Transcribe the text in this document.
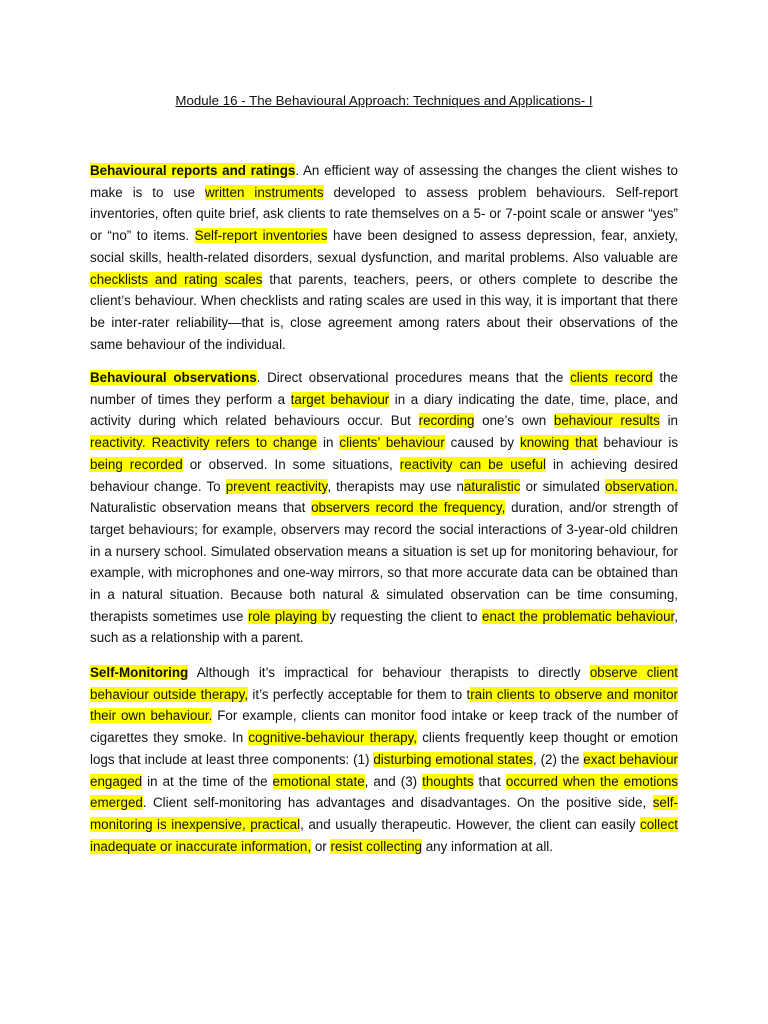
Module 16 - The Behavioural Approach: Techniques and Applications- I
Behavioural reports and ratings. An efficient way of assessing the changes the client wishes to make is to use written instruments developed to assess problem behaviours. Self-report inventories, often quite brief, ask clients to rate themselves on a 5- or 7-point scale or answer “yes” or “no” to items. Self-report inventories have been designed to assess depression, fear, anxiety, social skills, health-related disorders, sexual dysfunction, and marital problems. Also valuable are checklists and rating scales that parents, teachers, peers, or others complete to describe the client’s behaviour. When checklists and rating scales are used in this way, it is important that there be inter-rater reliability—that is, close agreement among raters about their observations of the same behaviour of the individual.
Behavioural observations. Direct observational procedures means that the clients record the number of times they perform a target behaviour in a diary indicating the date, time, place, and activity during which related behaviours occur. But recording one’s own behaviour results in reactivity. Reactivity refers to change in clients’ behaviour caused by knowing that behaviour is being recorded or observed. In some situations, reactivity can be useful in achieving desired behaviour change. To prevent reactivity, therapists may use naturalistic or simulated observation. Naturalistic observation means that observers record the frequency, duration, and/or strength of target behaviours; for example, observers may record the social interactions of 3-year-old children in a nursery school. Simulated observation means a situation is set up for monitoring behaviour, for example, with microphones and one-way mirrors, so that more accurate data can be obtained than in a natural situation. Because both natural & simulated observation can be time consuming, therapists sometimes use role playing by requesting the client to enact the problematic behaviour, such as a relationship with a parent.
Self-Monitoring Although it’s impractical for behaviour therapists to directly observe client behaviour outside therapy, it’s perfectly acceptable for them to train clients to observe and monitor their own behaviour. For example, clients can monitor food intake or keep track of the number of cigarettes they smoke. In cognitive-behaviour therapy, clients frequently keep thought or emotion logs that include at least three components: (1) disturbing emotional states, (2) the exact behaviour engaged in at the time of the emotional state, and (3) thoughts that occurred when the emotions emerged. Client self-monitoring has advantages and disadvantages. On the positive side, self-monitoring is inexpensive, practical, and usually therapeutic. However, the client can easily collect inadequate or inaccurate information, or resist collecting any information at all.
